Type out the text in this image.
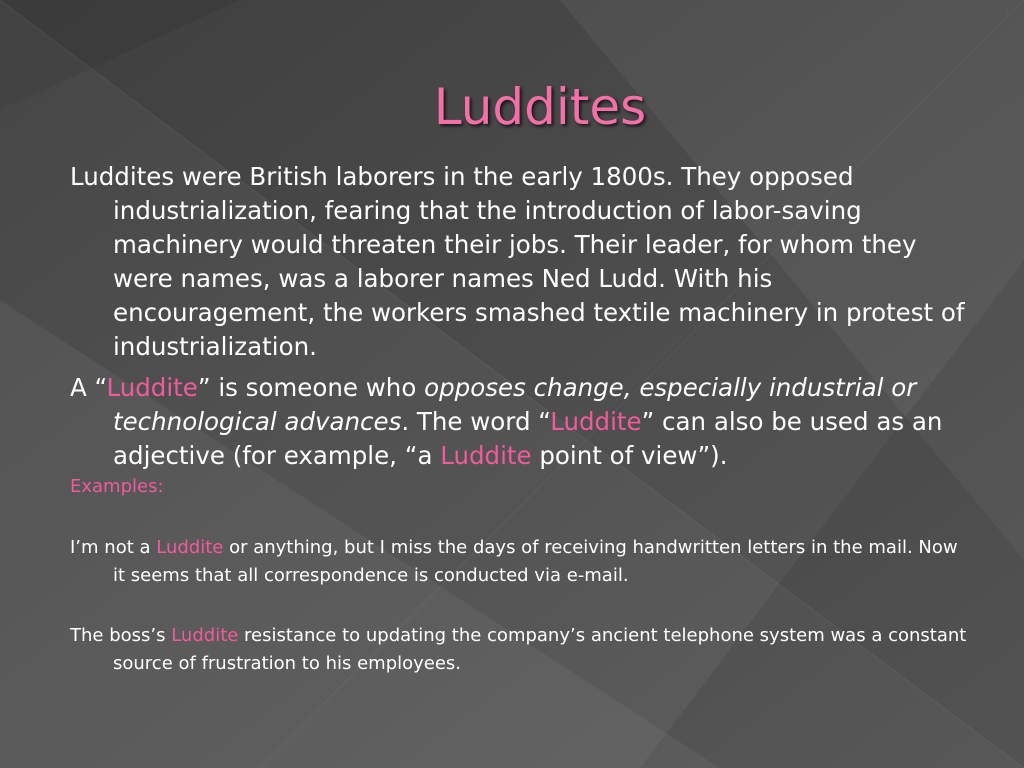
Luddites

Luddites were British laborers in the early 1800s. They opposed industrialization, fearing that the introduction of labor-saving machinery would threaten their jobs. Their leader, for whom they were names, was a laborer names Ned Ludd. With his encouragement, the workers smashed textile machinery in protest of industrialization.

A “Luddite” is someone who opposes change, especially industrial or technological advances. The word “Luddite” can also be used as an adjective (for example, “a Luddite point of view”).

Examples:

I’m not a Luddite or anything, but I miss the days of receiving handwritten letters in the mail. Now it seems that all correspondence is conducted via e-mail.

The boss’s Luddite resistance to updating the company’s ancient telephone system was a constant source of frustration to his employees.
